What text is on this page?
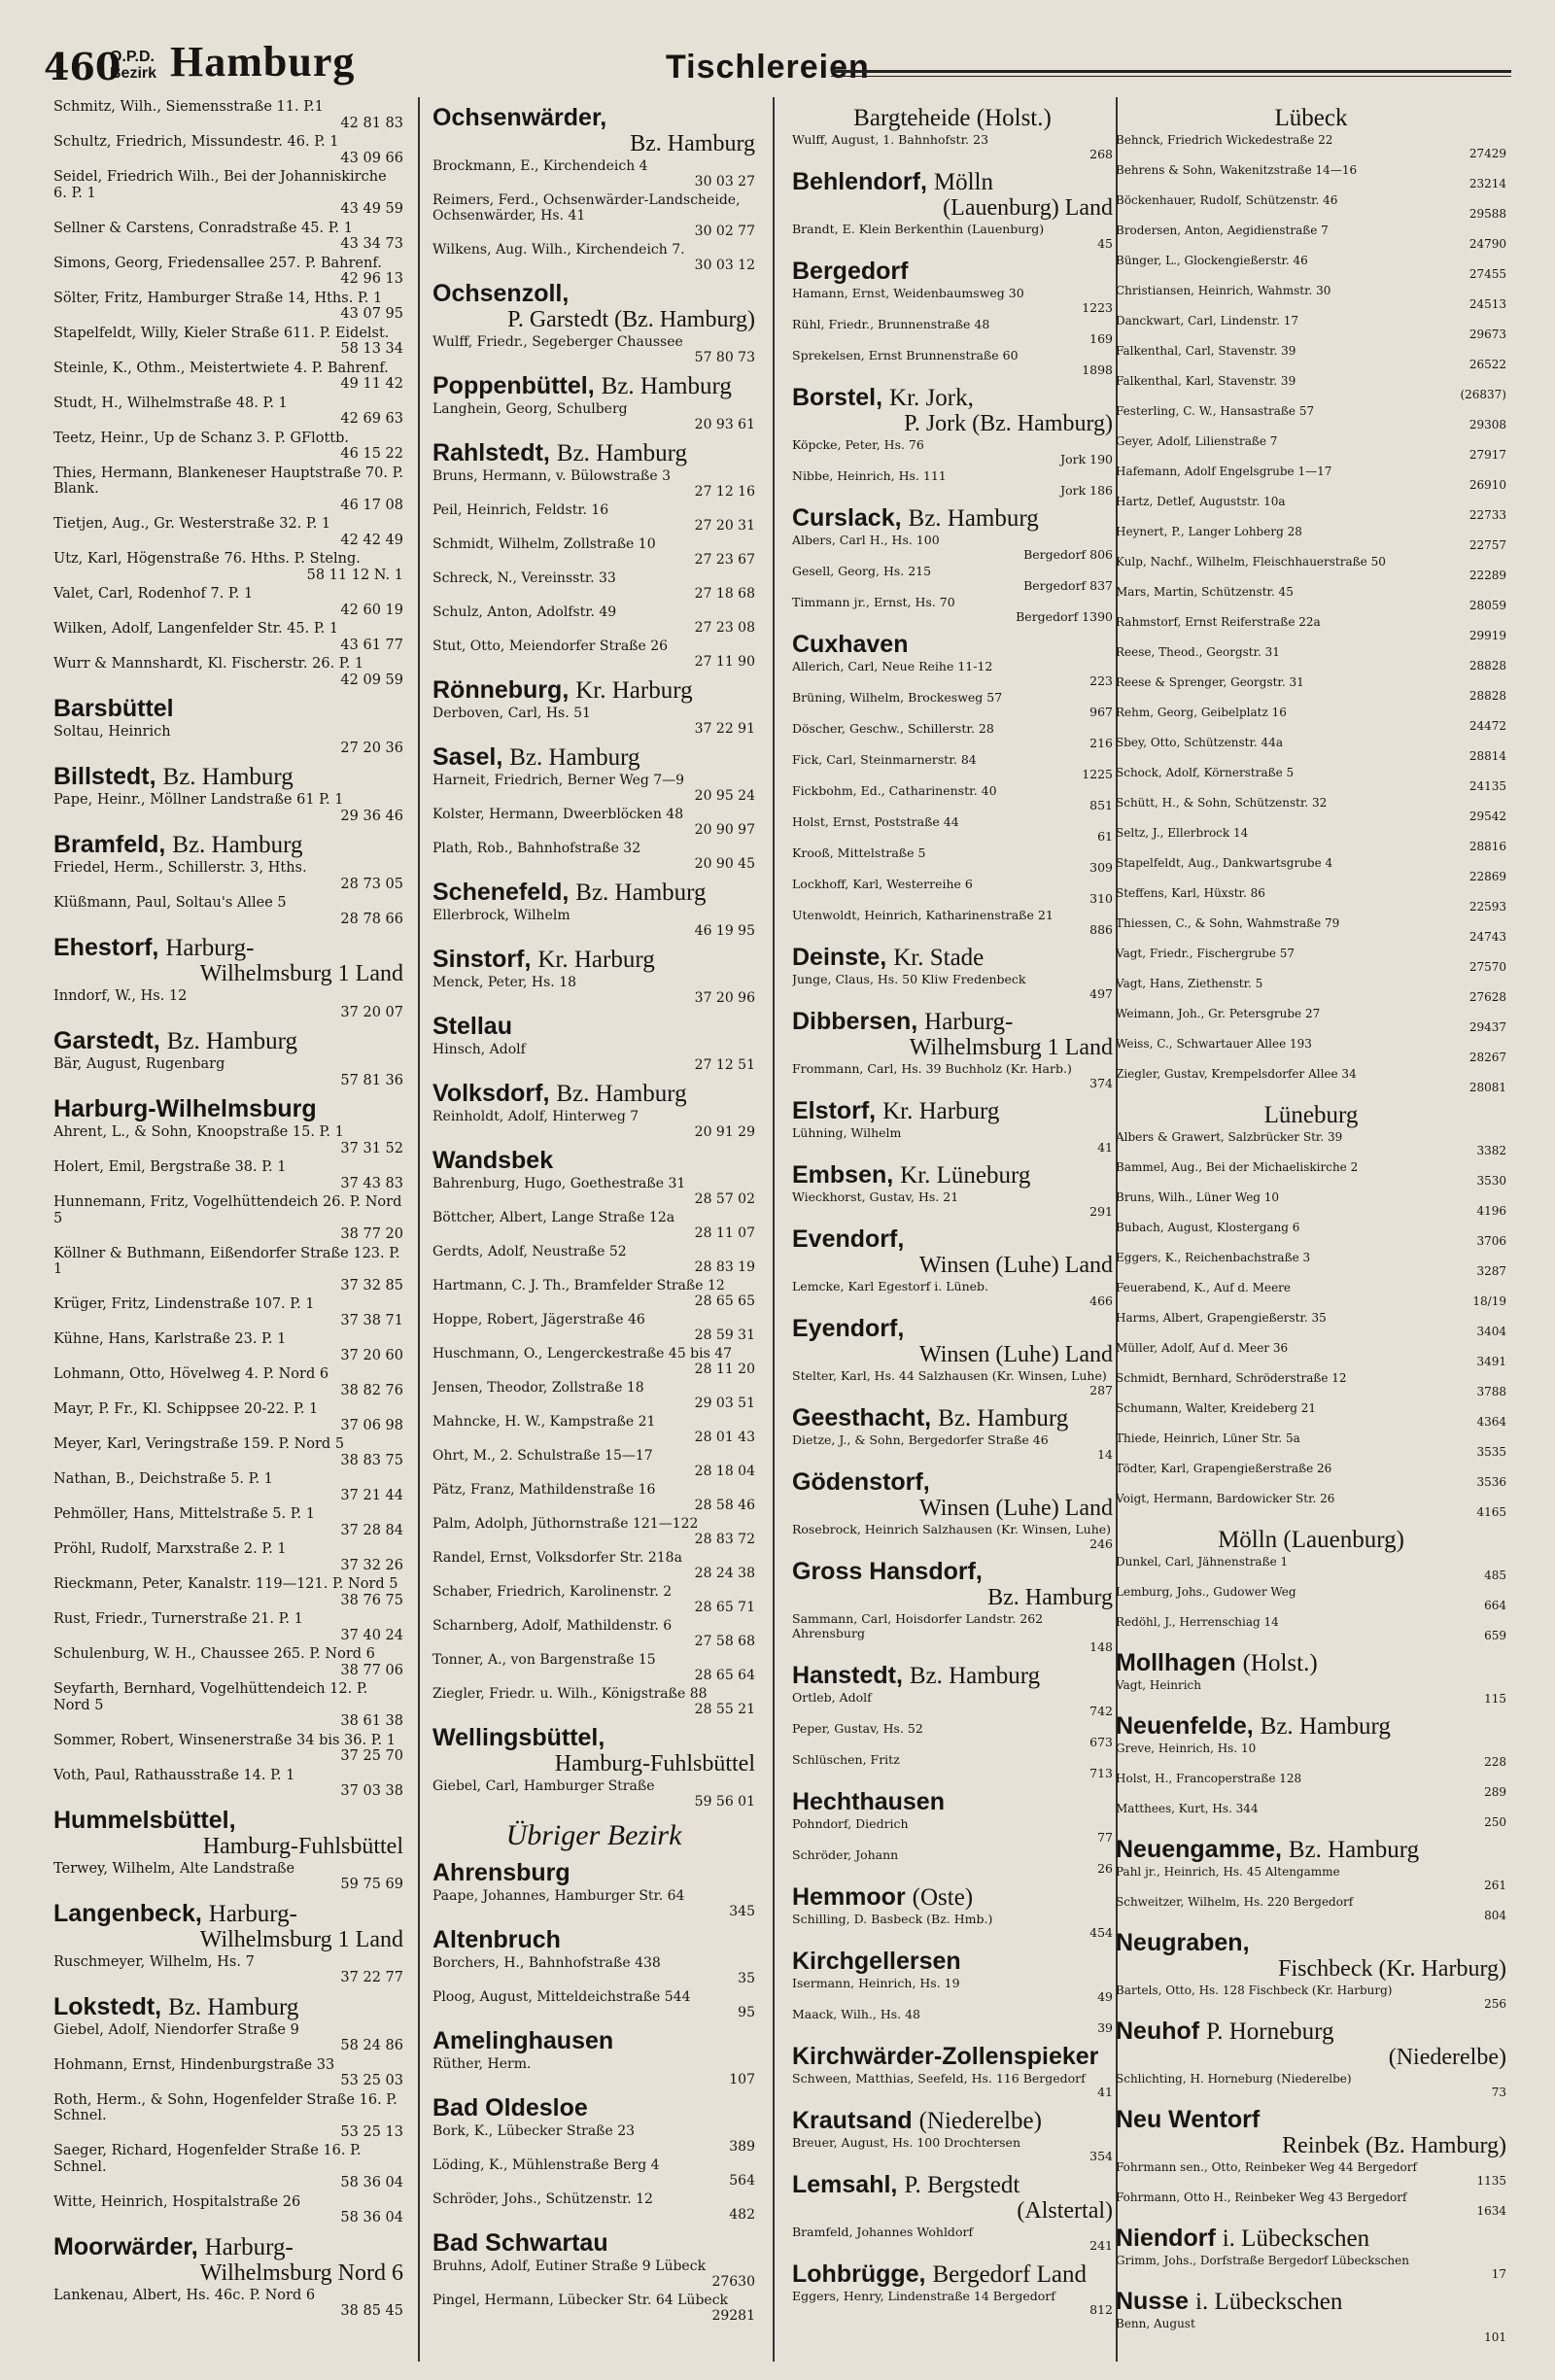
460
O.P.D.
Bezirk Hamburg	Tischlereien
Schmitz, Wilh., Siemensstraße 11. P.1
42 81 83
Schultz, Friedrich, Missundestr. 46. P. 1
43 09 66
Seidel, Friedrich Wilh., Bei der Johanniskirche 6. P. 1
43 49 59
Sellner & Carstens, Conradstraße 45. P. 1
43 34 73
Simons, Georg, Friedensallee 257. P. Bahrenf.
42 96 13
Sölter, Fritz, Hamburger Straße 14, Hths. P. 1
43 07 95
Stapelfeldt, Willy, Kieler Straße 611. P. Eidelst.
58 13 34
Steinle, K., Othm., Meistertwiete 4. P. Bahrenf.
49 11 42
Studt, H., Wilhelmstraße 48. P. 1
42 69 63
Teetz, Heinr., Up de Schanz 3. P. GFlottb.
46 15 22
Thies, Hermann, Blankeneser Hauptstraße 70. P. Blank.
46 17 08
Tietjen, Aug., Gr. Westerstraße 32. P. 1
42 42 49
Utz, Karl, Högenstraße 76. Hths. P. Stelng.
58 11 12 N. 1
Valet, Carl, Rodenhof 7. P. 1
42 60 19
Wilken, Adolf, Langenfelder Str. 45. P. 1
43 61 77
Wurr & Mannshardt, Kl. Fischerstr. 26. P. 1
42 09 59
Barsbüttel
Soltau, Heinrich
27 20 36
Billstedt, Bz. Hamburg
Pape, Heinr., Möllner Landstraße 61 P. 1
29 36 46
Bramfeld, Bz. Hamburg
Friedel, Herm., Schillerstr. 3, Hths.
28 73 05
Klüßmann, Paul, Soltau's Allee 5
28 78 66
Ehestorf, Harburg-
Wilhelmsburg 1 Land
Inndorf, W., Hs. 12
37 20 07
Garstedt, Bz. Hamburg
Bär, August, Rugenbarg
57 81 36
Harburg-Wilhelmsburg
Ahrent, L., & Sohn, Knoopstraße 15. P. 1
37 31 52
Holert, Emil, Bergstraße 38. P. 1
37 43 83
Hunnemann, Fritz, Vogelhüttendeich 26. P. Nord 5
38 77 20
Köllner & Buthmann, Eißendorfer Straße 123. P. 1
37 32 85
Krüger, Fritz, Lindenstraße 107. P. 1
37 38 71
Kühne, Hans, Karlstraße 23. P. 1
37 20 60
Lohmann, Otto, Hövelweg 4. P. Nord 6
38 82 76
Mayr, P. Fr., Kl. Schippsee 20-22. P. 1
37 06 98
Meyer, Karl, Veringstraße 159. P. Nord 5
38 83 75
Nathan, B., Deichstraße 5. P. 1
37 21 44
Pehmöller, Hans, Mittelstraße 5. P. 1
37 28 84
Pröhl, Rudolf, Marxstraße 2. P. 1
37 32 26
Rieckmann, Peter, Kanalstr. 119—121. P. Nord 5
38 76 75
Rust, Friedr., Turnerstraße 21. P. 1
37 40 24
Schulenburg, W. H., Chaussee 265. P. Nord 6
38 77 06
Seyfarth, Bernhard, Vogelhüttendeich 12. P. Nord 5
38 61 38
Sommer, Robert, Winsenerstraße 34 bis 36. P. 1
37 25 70
Voth, Paul, Rathausstraße 14. P. 1
37 03 38
Hummelsbüttel,
Hamburg-Fuhlsbüttel
Terwey, Wilhelm, Alte Landstraße
59 75 69
Langenbeck, Harburg-
Wilhelmsburg 1 Land
Ruschmeyer, Wilhelm, Hs. 7
37 22 77
Lokstedt, Bz. Hamburg
Giebel, Adolf, Niendorfer Straße 9
58 24 86
Hohmann, Ernst, Hindenburgstraße 33
53 25 03
Roth, Herm., & Sohn, Hogenfelder Straße 16. P. Schnel.
53 25 13
Saeger, Richard, Hogenfelder Straße 16. P. Schnel.
58 36 04
Witte, Heinrich, Hospitalstraße 26
58 36 04
Moorwärder, Harburg-
Wilhelmsburg Nord 6
Lankenau, Albert, Hs. 46c. P. Nord 6
38 85 45
Ochsenwärder,
Bz. Hamburg
Brockmann, E., Kirchendeich 4
30 03 27
Reimers, Ferd., Ochsenwärder-Landscheide, Ochsenwärder, Hs. 41
30 02 77
Wilkens, Aug. Wilh., Kirchendeich 7.
30 03 12
Ochsenzoll,
P. Garstedt (Bz. Hamburg)
Wulff, Friedr., Segeberger Chaussee
57 80 73
Poppenbüttel, Bz. Hamburg
Langhein, Georg, Schulberg
20 93 61
Rahlstedt, Bz. Hamburg
Bruns, Hermann, v. Bülowstraße 3
27 12 16
Peil, Heinrich, Feldstr. 16
27 20 31
Schmidt, Wilhelm, Zollstraße 10
27 23 67
Schreck, N., Vereinsstr. 33
27 18 68
Schulz, Anton, Adolfstr. 49
27 23 08
Stut, Otto, Meiendorfer Straße 26
27 11 90
Rönneburg, Kr. Harburg
Derboven, Carl, Hs. 51
37 22 91
Sasel, Bz. Hamburg
Harneit, Friedrich, Berner Weg 7—9
20 95 24
Kolster, Hermann, Dweerblöcken 48
20 90 97
Plath, Rob., Bahnhofstraße 32
20 90 45
Schenefeld, Bz. Hamburg
Ellerbrock, Wilhelm
46 19 95
Sinstorf, Kr. Harburg
Menck, Peter, Hs. 18
37 20 96
Stellau
Hinsch, Adolf
27 12 51
Volksdorf, Bz. Hamburg
Reinholdt, Adolf, Hinterweg 7
20 91 29
Wandsbek
Bahrenburg, Hugo, Goethestraße 31
28 57 02
Böttcher, Albert, Lange Straße 12a
28 11 07
Gerdts, Adolf, Neustraße 52
28 83 19
Hartmann, C. J. Th., Bramfelder Straße 12
28 65 65
Hoppe, Robert, Jägerstraße 46
28 59 31
Huschmann, O., Lengerckestraße 45 bis 47
28 11 20
Jensen, Theodor, Zollstraße 18
29 03 51
Mahncke, H. W., Kampstraße 21
28 01 43
Ohrt, M., 2. Schulstraße 15—17
28 18 04
Pätz, Franz, Mathildenstraße 16
28 58 46
Palm, Adolph, Jüthornstraße 121—122
28 83 72
Randel, Ernst, Volksdorfer Str. 218a
28 24 38
Schaber, Friedrich, Karolinenstr. 2
28 65 71
Scharnberg, Adolf, Mathildenstr. 6
27 58 68
Tonner, A., von Bargenstraße 15
28 65 64
Ziegler, Friedr. u. Wilh., Königstraße 88
28 55 21
Wellingsbüttel,
Hamburg-Fuhlsbüttel
Giebel, Carl, Hamburger Straße
59 56 01
Übriger Bezirk
Ahrensburg
Paape, Johannes, Hamburger Str. 64
345
Altenbruch
Borchers, H., Bahnhofstraße 438
35
Ploog, August, Mitteldeichstraße 544
95
Amelinghausen
Rüther, Herm.
107
Bad Oldesloe
Bork, K., Lübecker Straße 23
389
Löding, K., Mühlenstraße Berg 4
564
Schröder, Johs., Schützenstr. 12
482
Bad Schwartau
Bruhns, Adolf, Eutiner Straße 9 Lübeck
27630
Pingel, Hermann, Lübecker Str. 64 Lübeck
29281
Bargteheide (Holst.)
Wulff, August, 1. Bahnhofstr. 23
268
Behlendorf, Mölln
(Lauenburg) Land
Brandt, E. Klein Berkenthin (Lauenburg)
45
Bergedorf
Hamann, Ernst, Weidenbaumsweg 30
1223
Rühl, Friedr., Brunnenstraße 48
169
Sprekelsen, Ernst Brunnenstraße 60
1898
Borstel, Kr. Jork,
P. Jork (Bz. Hamburg)
Köpcke, Peter, Hs. 76
Jork 190
Nibbe, Heinrich, Hs. 111
Jork 186
Curslack, Bz. Hamburg
Albers, Carl H., Hs. 100
Bergedorf 806
Gesell, Georg, Hs. 215
Bergedorf 837
Timmann jr., Ernst, Hs. 70
Bergedorf 1390
Cuxhaven
Allerich, Carl, Neue Reihe 11-12
223
Brüning, Wilhelm, Brockesweg 57
967
Döscher, Geschw., Schillerstr. 28
216
Fick, Carl, Steinmarnerstr. 84
1225
Fickbohm, Ed., Catharinenstr. 40
851
Holst, Ernst, Poststraße 44
61
Krooß, Mittelstraße 5
309
Lockhoff, Karl, Westerreihe 6
310
Utenwoldt, Heinrich, Katharinenstraße 21
886
Deinste, Kr. Stade
Junge, Claus, Hs. 50 Kliw Fredenbeck
497
Dibbersen, Harburg-
Wilhelmsburg 1 Land
Frommann, Carl, Hs. 39 Buchholz (Kr. Harb.)
374
Elstorf, Kr. Harburg
Lühning, Wilhelm
41
Embsen, Kr. Lüneburg
Wieckhorst, Gustav, Hs. 21
291
Evendorf,
Winsen (Luhe) Land
Lemcke, Karl Egestorf i. Lüneb.
466
Eyendorf,
Winsen (Luhe) Land
Stelter, Karl, Hs. 44 Salzhausen (Kr. Winsen, Luhe)
287
Geesthacht, Bz. Hamburg
Dietze, J., & Sohn, Bergedorfer Straße 46
14
Gödenstorf,
Winsen (Luhe) Land
Rosebrock, Heinrich Salzhausen (Kr. Winsen, Luhe)
246
Gross Hansdorf,
Bz. Hamburg
Sammann, Carl, Hoisdorfer Landstr. 262 Ahrensburg
148
Hanstedt, Bz. Hamburg
Ortleb, Adolf
742
Peper, Gustav, Hs. 52
673
Schlüschen, Fritz
713
Hechthausen
Pohndorf, Diedrich
77
Schröder, Johann
26
Hemmoor (Oste)
Schilling, D. Basbeck (Bz. Hmb.)
454
Kirchgellersen
Isermann, Heinrich, Hs. 19
49
Maack, Wilh., Hs. 48
39
Kirchwärder-Zollenspieker
Schween, Matthias, Seefeld, Hs. 116 Bergedorf
41
Krautsand (Niederelbe)
Breuer, August, Hs. 100 Drochtersen
354
Lemsahl, P. Bergstedt
(Alstertal)
Bramfeld, Johannes Wohldorf
241
Lohbrügge, Bergedorf Land
Eggers, Henry, Lindenstraße 14 Bergedorf
812
Lübeck
Behnck, Friedrich Wickedestraße 22
27429
Behrens & Sohn, Wakenitzstraße 14—16
23214
Böckenhauer, Rudolf, Schützenstr. 46
29588
Brodersen, Anton, Aegidienstraße 7
24790
Bünger, L., Glockengießerstr. 46
27455
Christiansen, Heinrich, Wahmstr. 30
24513
Danckwart, Carl, Lindenstr. 17
29673
Falkenthal, Carl, Stavenstr. 39
26522
Falkenthal, Karl, Stavenstr. 39
(26837)
Festerling, C. W., Hansastraße 57
29308
Geyer, Adolf, Lilienstraße 7
27917
Hafemann, Adolf Engelsgrube 1—17
26910
Hartz, Detlef, Auguststr. 10a
22733
Heynert, P., Langer Lohberg 28
22757
Kulp, Nachf., Wilhelm, Fleischhauerstraße 50
22289
Mars, Martin, Schützenstr. 45
28059
Rahmstorf, Ernst Reiferstraße 22a
29919
Reese, Theod., Georgstr. 31
28828
Reese & Sprenger, Georgstr. 31
28828
Rehm, Georg, Geibelplatz 16
24472
Sbey, Otto, Schützenstr. 44a
28814
Schock, Adolf, Körnerstraße 5
24135
Schütt, H., & Sohn, Schützenstr. 32
29542
Seltz, J., Ellerbrock 14
28816
Stapelfeldt, Aug., Dankwartsgrube 4
22869
Steffens, Karl, Hüxstr. 86
22593
Thiessen, C., & Sohn, Wahmstraße 79
24743
Vagt, Friedr., Fischergrube 57
27570
Vagt, Hans, Ziethenstr. 5
27628
Weimann, Joh., Gr. Petersgrube 27
29437
Weiss, C., Schwartauer Allee 193
28267
Ziegler, Gustav, Krempelsdorfer Allee 34
28081
Lüneburg
Albers & Grawert, Salzbrücker Str. 39
3382
Bammel, Aug., Bei der Michaeliskirche 2
3530
Bruns, Wilh., Lüner Weg 10
4196
Bubach, August, Klostergang 6
3706
Eggers, K., Reichenbachstraße 3
3287
Feuerabend, K., Auf d. Meere
18/19
Harms, Albert, Grapengießerstr. 35
3404
Müller, Adolf, Auf d. Meer 36
3491
Schmidt, Bernhard, Schröderstraße 12
3788
Schumann, Walter, Kreideberg 21
4364
Thiede, Heinrich, Lüner Str. 5a
3535
Tödter, Karl, Grapengießerstraße 26
3536
Voigt, Hermann, Bardowicker Str. 26
4165
Mölln (Lauenburg)
Dunkel, Carl, Jähnenstraße 1
485
Lemburg, Johs., Gudower Weg
664
Redöhl, J., Herrenschiag 14
659
Mollhagen (Holst.)
Vagt, Heinrich
115
Neuenfelde, Bz. Hamburg
Greve, Heinrich, Hs. 10
228
Holst, H., Francoperstraße 128
289
Matthees, Kurt, Hs. 344
250
Neuengamme, Bz. Hamburg
Pahl jr., Heinrich, Hs. 45 Altengamme
261
Schweitzer, Wilhelm, Hs. 220 Bergedorf
804
Neugraben,
Fischbeck (Kr. Harburg)
Bartels, Otto, Hs. 128 Fischbeck (Kr. Harburg)
256
Neuhof P. Horneburg
(Niederelbe)
Schlichting, H. Horneburg (Niederelbe)
73
Neu Wentorf
Reinbek (Bz. Hamburg)
Fohrmann sen., Otto, Reinbeker Weg 44 Bergedorf
1135
Fohrmann, Otto H., Reinbeker Weg 43 Bergedorf
1634
Niendorf i. Lübeckschen
Grimm, Johs., Dorfstraße Bergedorf Lübeckschen
17
Nusse i. Lübeckschen
Benn, August
101
